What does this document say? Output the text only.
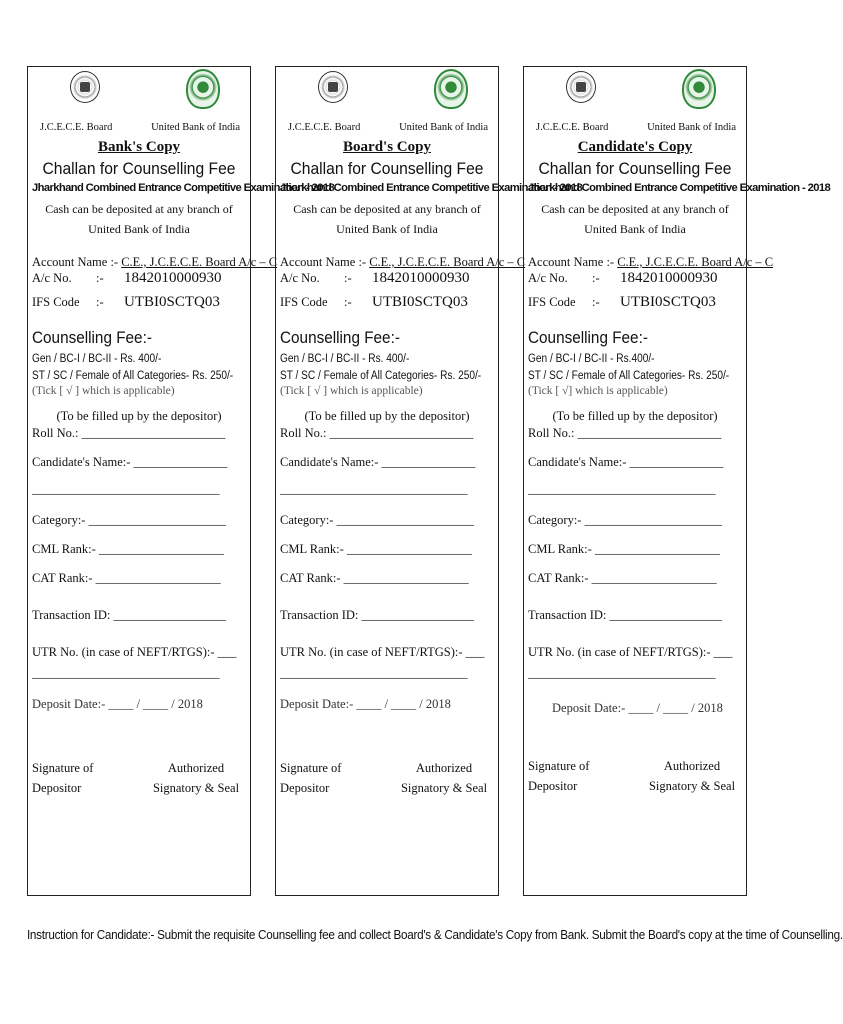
J.C.E.C.E. Board	United Bank of India
Bank's Copy
Challan for Counselling Fee
Jharkhand Combined Entrance Competitive Examination - 2018
Cash can be deposited at any branch of United Bank of India
Account Name :- C.E., J.C.E.C.E. Board A/c – C
A/c No.	:-	1842010000930
IFS Code	:-	UTBI0SCTQ03
Counselling Fee:-
Gen / BC-I / BC-II - Rs. 400/-
ST / SC / Female of All Categories- Rs. 250/-
(Tick [ √ ] which is applicable)
(To be filled up by the depositor)
Roll No.: _______________________
Candidate's Name:- _______________
______________________________
Category:- ______________________
CML Rank:- ____________________
CAT Rank:- ____________________
Transaction ID: __________________
UTR No. (in case of NEFT/RTGS):- ___
______________________________
Deposit Date:- ____ / ____ / 2018
Signature of Depositor
Authorized Signatory & Seal
J.C.E.C.E. Board	United Bank of India
Board's Copy
Challan for Counselling Fee
Jharkhand Combined Entrance Competitive Examination - 2018
Cash can be deposited at any branch of United Bank of India
Account Name :- C.E., J.C.E.C.E. Board A/c – C
A/c No.	:-	1842010000930
IFS Code	:-	UTBI0SCTQ03
Counselling Fee:-
Gen / BC-I / BC-II - Rs. 400/-
ST / SC / Female of All Categories- Rs. 250/-
(Tick [ √ ] which is applicable)
(To be filled up by the depositor)
Roll No.: _______________________
Candidate's Name:- _______________
______________________________
Category:- ______________________
CML Rank:- ____________________
CAT Rank:- ____________________
Transaction ID: __________________
UTR No. (in case of NEFT/RTGS):- ___
______________________________
Deposit Date:- ____ / ____ / 2018
Signature of Depositor
Authorized Signatory & Seal
J.C.E.C.E. Board	United Bank of India
Candidate's Copy
Challan for Counselling Fee
Jharkhand Combined Entrance Competitive Examination - 2018
Cash can be deposited at any branch of United Bank of India
Account Name :- C.E., J.C.E.C.E. Board A/c – C
A/c No.	:-	1842010000930
IFS Code	:-	UTBI0SCTQ03
Counselling Fee:-
Gen / BC-I / BC-II - Rs.400/-
ST / SC / Female of All Categories- Rs. 250/-
(Tick [ √] which is applicable)
(To be filled up by the depositor)
Roll No.: _______________________
Candidate's Name:- _______________
______________________________
Category:- ______________________
CML Rank:- ____________________
CAT Rank:- ____________________
Transaction ID: __________________
UTR No. (in case of NEFT/RTGS):- ___
______________________________
Deposit Date:- ____ / ____ / 2018
Signature of Depositor
Authorized Signatory & Seal
Instruction for Candidate:- Submit the requisite Counselling fee and collect Board's & Candidate's Copy from Bank. Submit the Board's copy at the time of Counselling.
